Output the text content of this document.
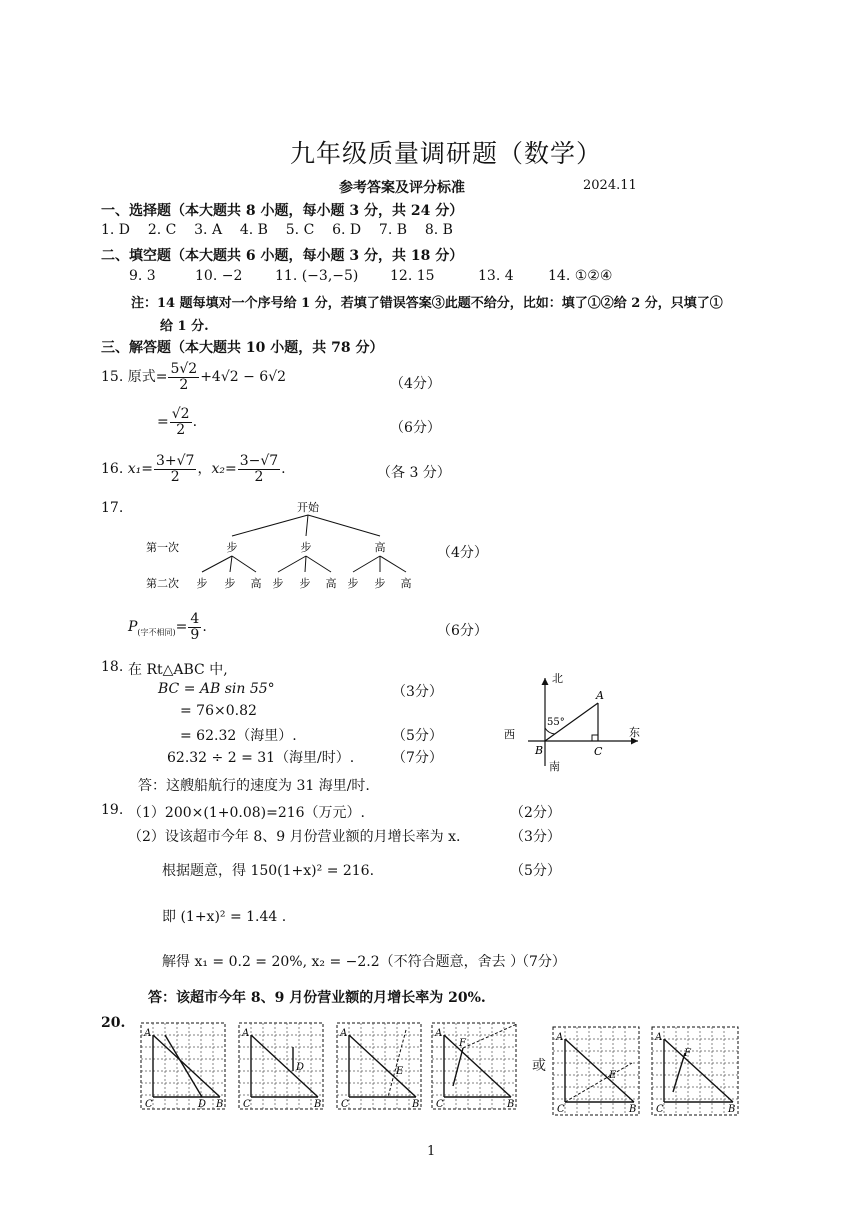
九年级质量调研题（数学）
参考答案及评分标准	2024.11
一、选择题（本大题共 8 小题，每小题 3 分，共 24 分）
1. D    2. C    3. A    4. B    5. C    6. D    7. B    8. B
二、填空题（本大题共 6 小题，每小题 3 分，共 18 分）
9. 3	10. −2 11. (−3,−5) 12. 15	13. 4 14. ①②④
注：14 题每填对一个序号给 1 分，若填了错误答案③此题不给分，比如：填了①②给 2 分，只填了①
给 1 分.
三、解答题（本大题共 10 小题，共 78 分）
15. 原式= $\frac{5√2}{2} +4√2 - 6√2$	（4分）
= $\frac{√2}{2}$ .	（6分）
16. $x_1= \frac{3+√7}{2}$ ，$x_2= \frac{3-√7}{2}$ .	（各 3 分）
17.	开始
第一次	步	步	高
第二次 步 步 高 步 步 高 步 步 高
（4分）
$P_{(字不相同)}= \frac{4}{9}$ .	（6分）
18. 在 Rt△ABC 中,
BC = AB sin 55°	（3分）
= 76×0.82
= 62.32（海里）.	（5分）
62.32 ÷ 2 = 31（海里/时）.	（7分）
答：这艘船航行的速度为 31 海里/时.
北
南
西	东
A
B	C
55°
19. （1）200×(1+0.08)=216（万元）.	（2分）
（2）设该超市今年 8、9 月份营业额的月增长率为 x.	（3分）
根据题意，得 150(1+x)² = 216.	（5分）
即 (1+x)² = 1.44 .
解得 x₁ = 0.2 = 20%, x₂ = −2.2（不符合题意，舍去 ）
（7分）
答：该超市今年 8、9 月份营业额的月增长率为 20%.
20.
A
C	D B
A
D
C	B
A
E
C	B
A
F
C	B
或
A
E
C	B
A
F
C	B
1
